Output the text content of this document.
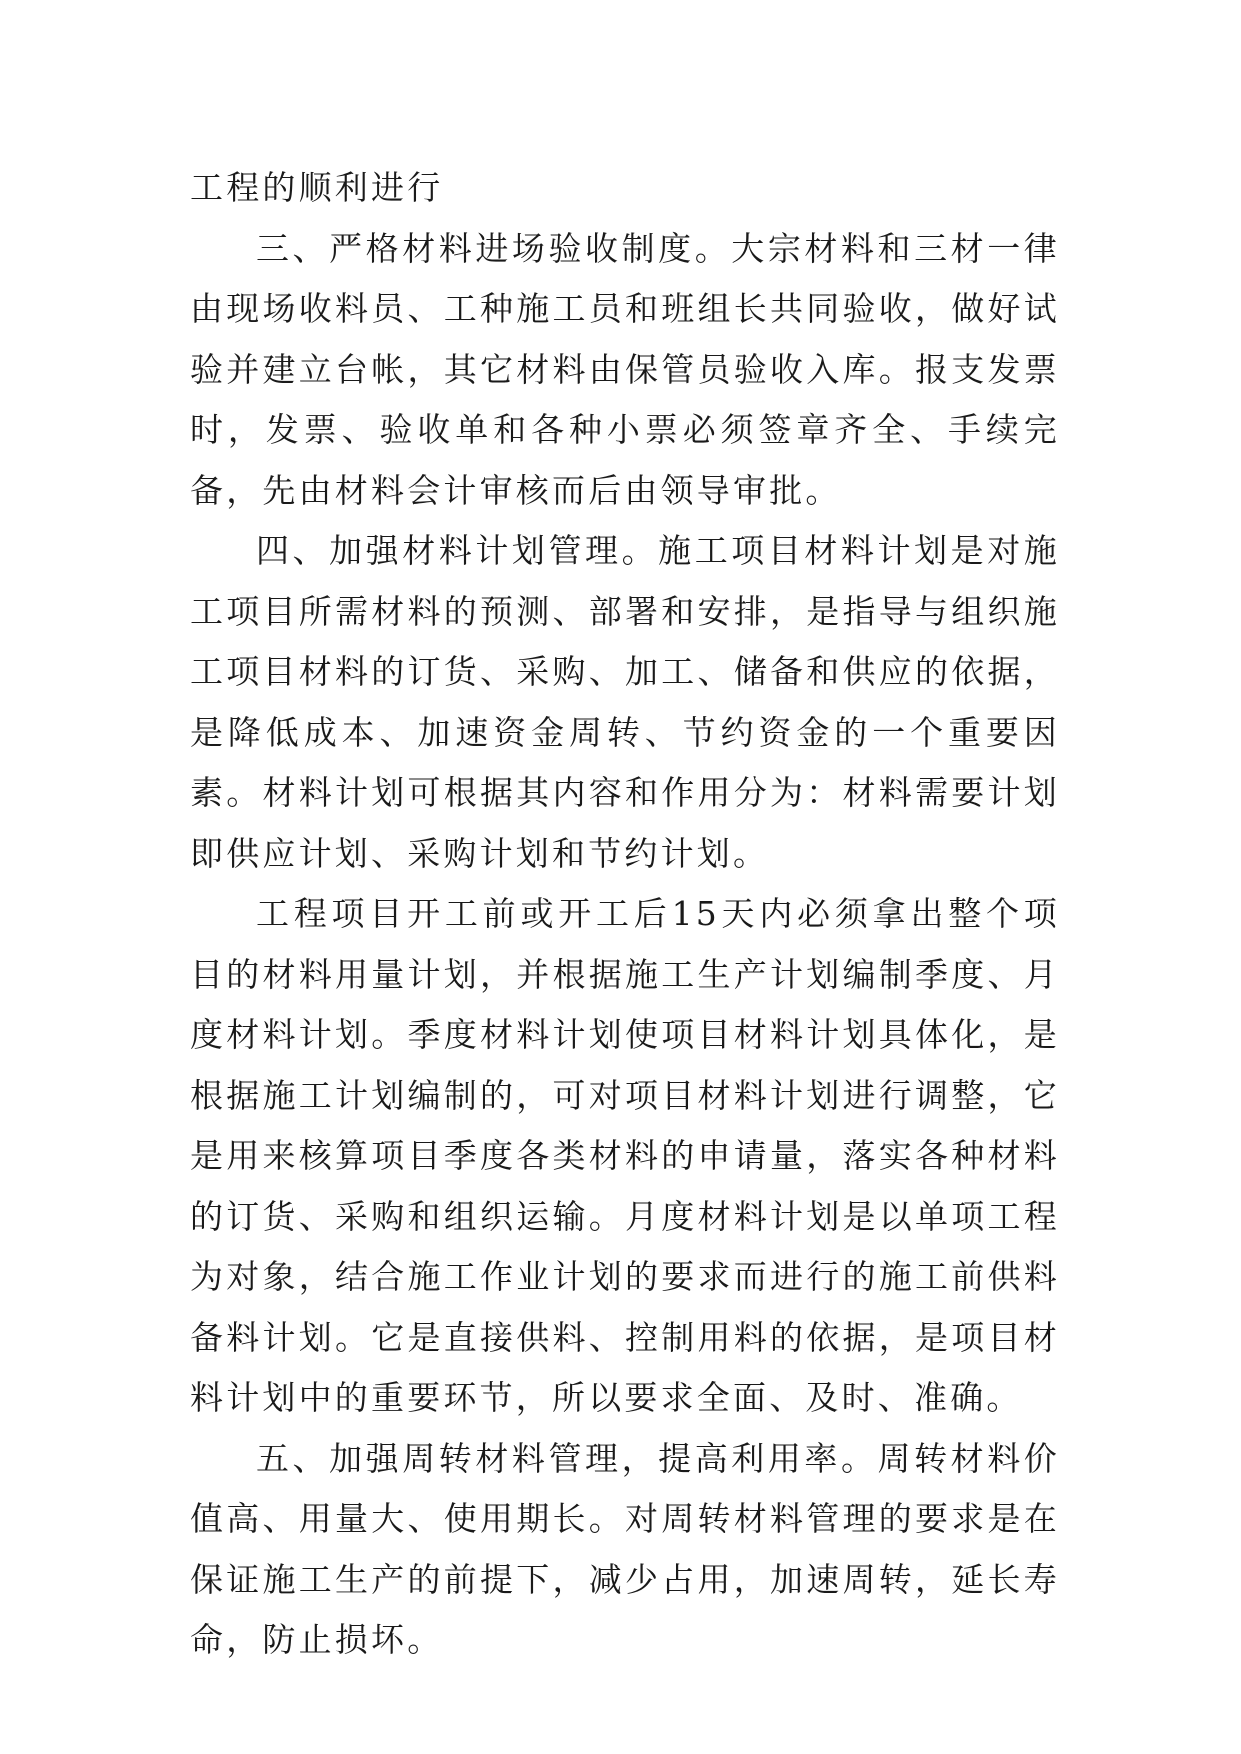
工程的顺利进行

三、严格材料进场验收制度。大宗材料和三材一律由现场收料员、工种施工员和班组长共同验收，做好试验并建立台帐，其它材料由保管员验收入库。报支发票时，发票、验收单和各种小票必须签章齐全、手续完备，先由材料会计审核而后由领导审批。

四、加强材料计划管理。施工项目材料计划是对施工项目所需材料的预测、部署和安排，是指导与组织施工项目材料的订货、采购、加工、储备和供应的依据，是降低成本、加速资金周转、节约资金的一个重要因素。材料计划可根据其内容和作用分为：材料需要计划即供应计划、采购计划和节约计划。

工程项目开工前或开工后15天内必须拿出整个项目的材料用量计划，并根据施工生产计划编制季度、月度材料计划。季度材料计划使项目材料计划具体化，是根据施工计划编制的，可对项目材料计划进行调整，它是用来核算项目季度各类材料的申请量，落实各种材料的订货、采购和组织运输。月度材料计划是以单项工程为对象，结合施工作业计划的要求而进行的施工前供料备料计划。它是直接供料、控制用料的依据，是项目材料计划中的重要环节，所以要求全面、及时、准确。

五、加强周转材料管理，提高利用率。周转材料价值高、用量大、使用期长。对周转材料管理的要求是在保证施工生产的前提下，减少占用，加速周转，延长寿命，防止损坏。
